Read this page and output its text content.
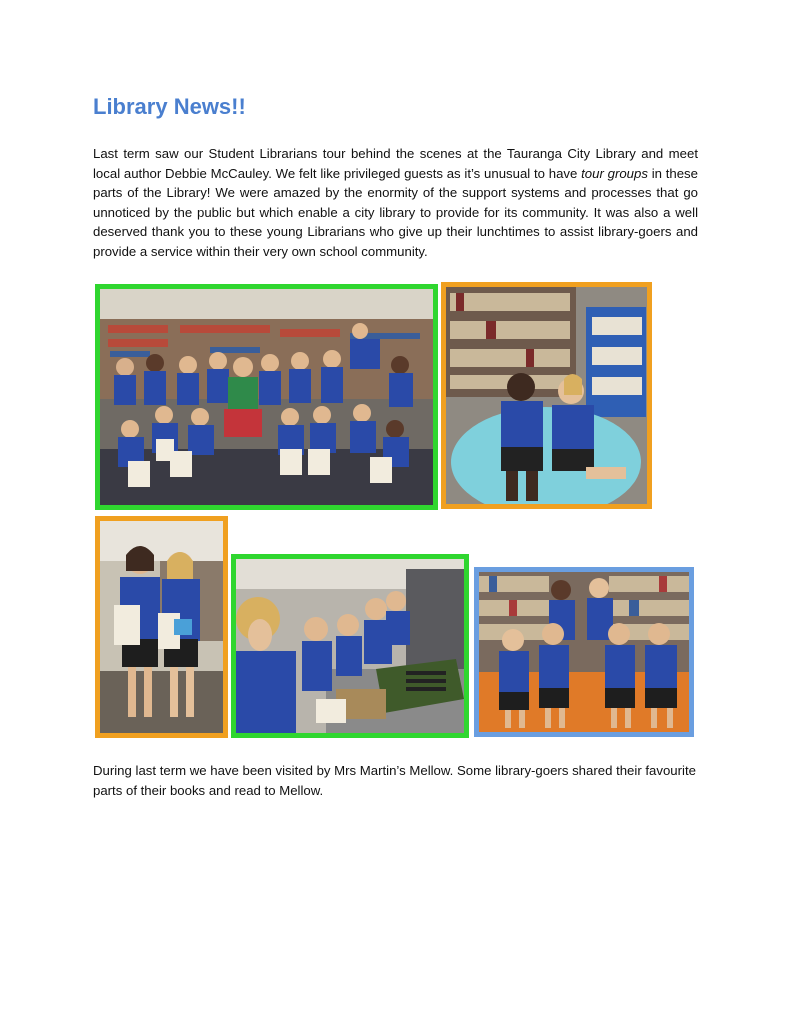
Library News!!

Last term saw our Student Librarians tour behind the scenes at the Tauranga City Library and meet local author Debbie McCauley. We felt like privileged guests as it’s unusual to have tour groups in these parts of the Library! We were amazed by the enormity of the support systems and processes that go unnoticed by the public but which enable a city library to provide for its community. It was also a well deserved thank you to these young Librarians who give up their lunchtimes to assist library-goers and provide a service within their very own school community.

During last term we have been visited by Mrs Martin’s Mellow. Some library-goers shared their favourite parts of their books and read to Mellow.
